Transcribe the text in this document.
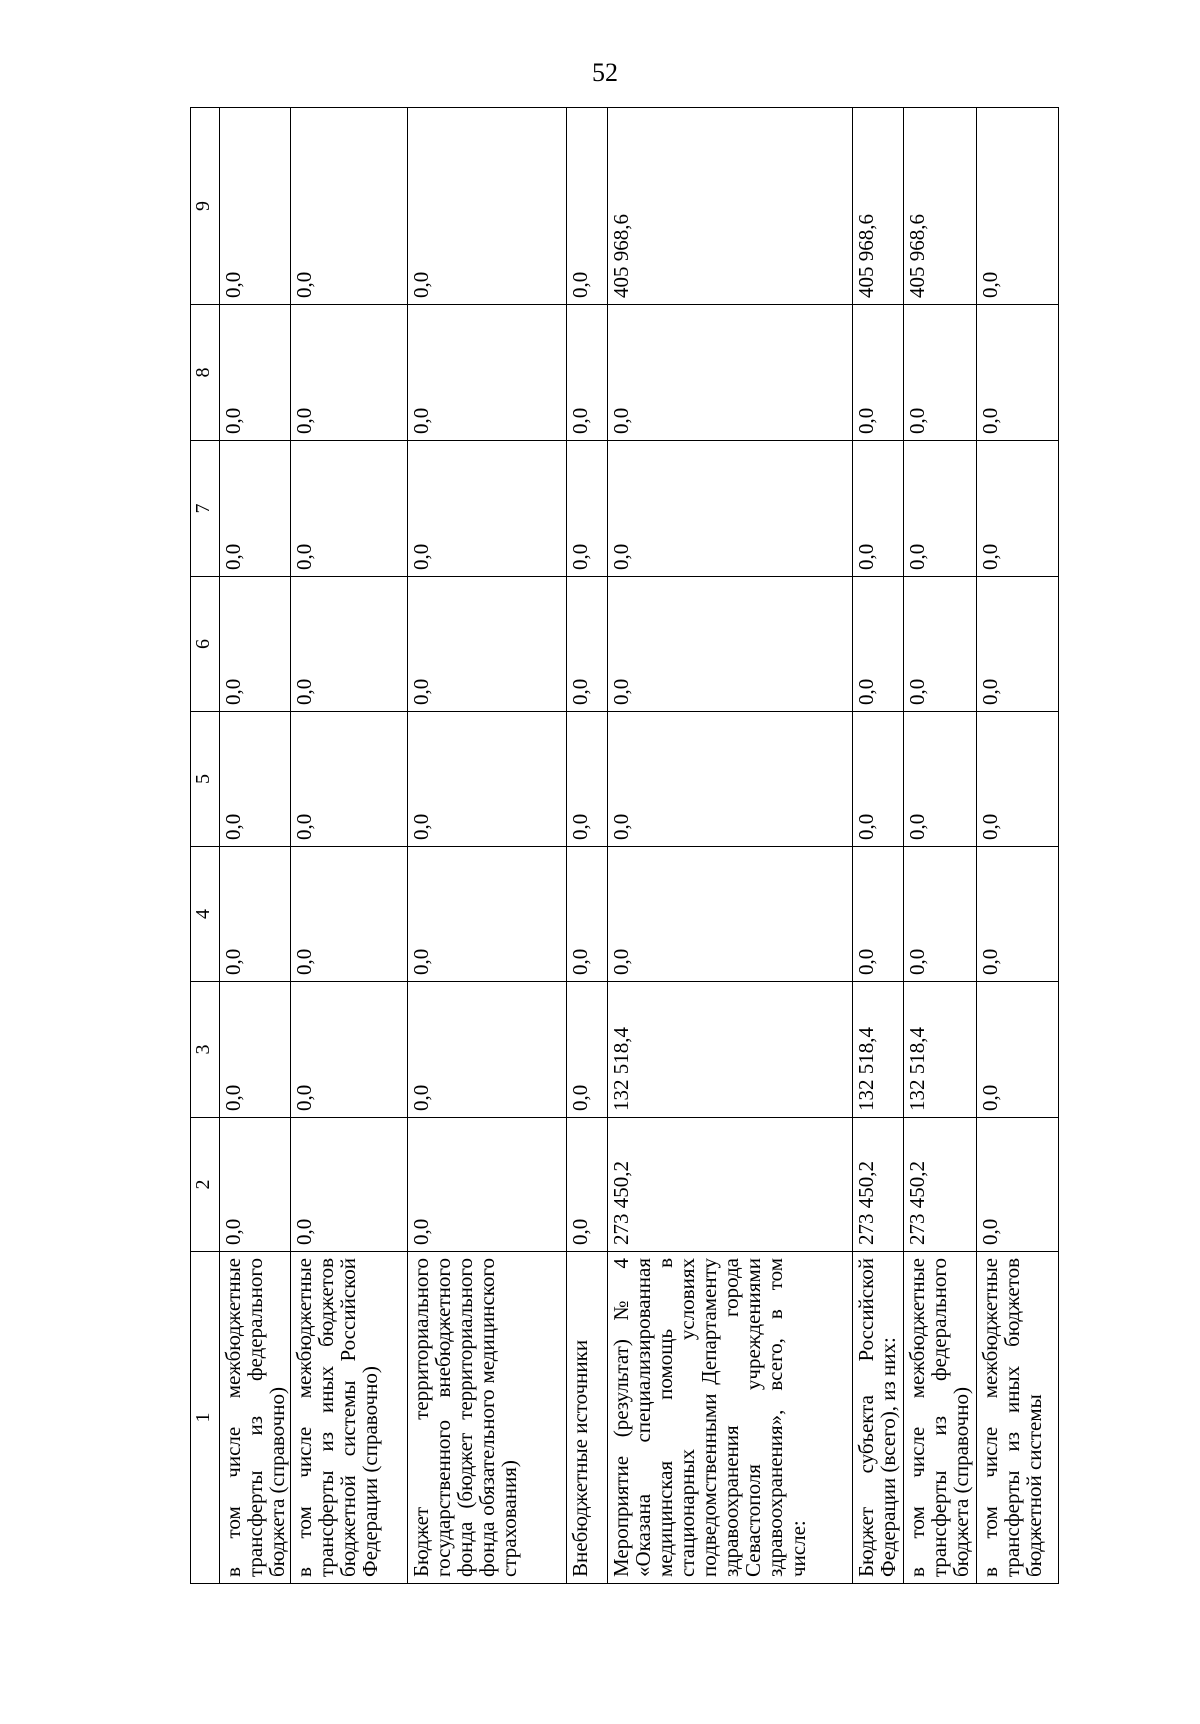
52
1	2	3	4	5	6	7	8	9
в том числе межбюджетные трансферты из федерального бюджета (справочно)	0,0	0,0	0,0	0,0	0,0	0,0	0,0	0,0
в том числе межбюджетные трансферты из иных бюджетов бюджетной системы Российской Федерации (справочно)	0,0	0,0	0,0	0,0	0,0	0,0	0,0	0,0
Бюджет территориального государственного внебюджетного фонда (бюджет территориального фонда обязательного медицинского страхования)	0,0	0,0	0,0	0,0	0,0	0,0	0,0	0,0
Внебюджетные источники	0,0	0,0	0,0	0,0	0,0	0,0	0,0	0,0
Мероприятие (результат) № 4 «Оказана специализированная медицинская помощь в стационарных условиях подведомственными Департаменту здравоохранения города Севастополя учреждениями здравоохранения», всего, в том числе:	273 450,2	132 518,4	0,0	0,0	0,0	0,0	0,0	405 968,6
Бюджет субъекта Российской Федерации (всего), из них:	273 450,2	132 518,4	0,0	0,0	0,0	0,0	0,0	405 968,6
в том числе межбюджетные трансферты из федерального бюджета (справочно)	273 450,2	132 518,4	0,0	0,0	0,0	0,0	0,0	405 968,6
в том числе межбюджетные трансферты из иных бюджетов бюджетной системы	0,0	0,0	0,0	0,0	0,0	0,0	0,0	0,0
